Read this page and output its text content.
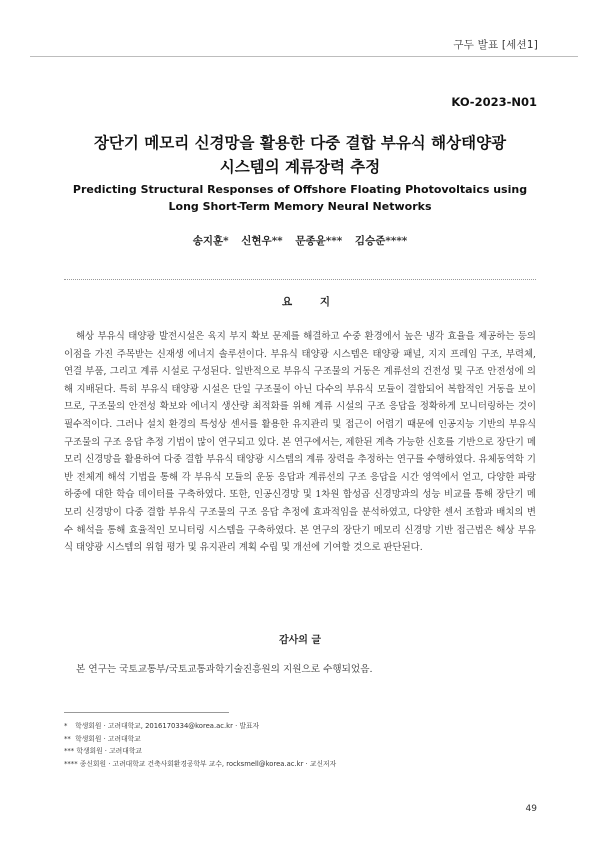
구두 발표 [세션1]
KO-2023-N01
장단기 메모리 신경망을 활용한 다중 결합 부유식 해상태양광
시스템의 계류장력 추정
Predicting Structural Responses of Offshore Floating Photovoltaics using
Long Short-Term Memory Neural Networks
송지훈* 신현우** 문종윤*** 김승준****
요 지

해상 부유식 태양광 발전시설은 육지 부지 확보 문제를 해결하고 수중 환경에서 높은 냉각 효율을 제공하는 등의 이점을 가진 주목받는 신재생 에너지 솔루션이다. 부유식 태양광 시스템은 태양광 패널, 지지 프레임 구조, 부력체, 연결 부품, 그리고 계류 시설로 구성된다. 일반적으로 부유식 구조물의 거동은 계류선의 건전성 및 구조 안전성에 의해 지배된다. 특히 부유식 태양광 시설은 단일 구조물이 아닌 다수의 부유식 모듈이 결합되어 복합적인 거동을 보이므로, 구조물의 안전성 확보와 에너지 생산량 최적화를 위해 계류 시설의 구조 응답을 정확하게 모니터링하는 것이 필수적이다. 그러나 설치 환경의 특성상 센서를 활용한 유지관리 및 접근이 어렵기 때문에 인공지능 기반의 부유식 구조물의 구조 응답 추정 기법이 많이 연구되고 있다. 본 연구에서는, 제한된 계측 가능한 신호를 기반으로 장단기 메모리 신경망을 활용하여 다중 결합 부유식 태양광 시스템의 계류 장력을 추정하는 연구를 수행하였다. 유체동역학 기반 전체계 해석 기법을 통해 각 부유식 모듈의 운동 응답과 계류선의 구조 응답을 시간 영역에서 얻고, 다양한 파랑 하중에 대한 학습 데이터를 구축하였다. 또한, 인공신경망 및 1차원 합성곱 신경망과의 성능 비교를 통해 장단기 메모리 신경망이 다중 결합 부유식 구조물의 구조 응답 추정에 효과적임을 분석하였고, 다양한 센서 조합과 배치의 변수 해석을 통해 효율적인 모니터링 시스템을 구축하였다. 본 연구의 장단기 메모리 신경망 기반 접근법은 해상 부유식 태양광 시스템의 위험 평가 및 유지관리 계획 수립 및 개선에 기여할 것으로 판단된다.

감사의 글

본 연구는 국토교통부/국토교통과학기술진흥원의 지원으로 수행되었음.

* 학생회원 · 고려대학교, 2016170334@korea.ac.kr · 발표자
** 학생회원 · 고려대학교
*** 학생회원 · 고려대학교
**** 종신회원 · 고려대학교 건축사회환경공학부 교수, rocksmell@korea.ac.kr · 교신저자
49
